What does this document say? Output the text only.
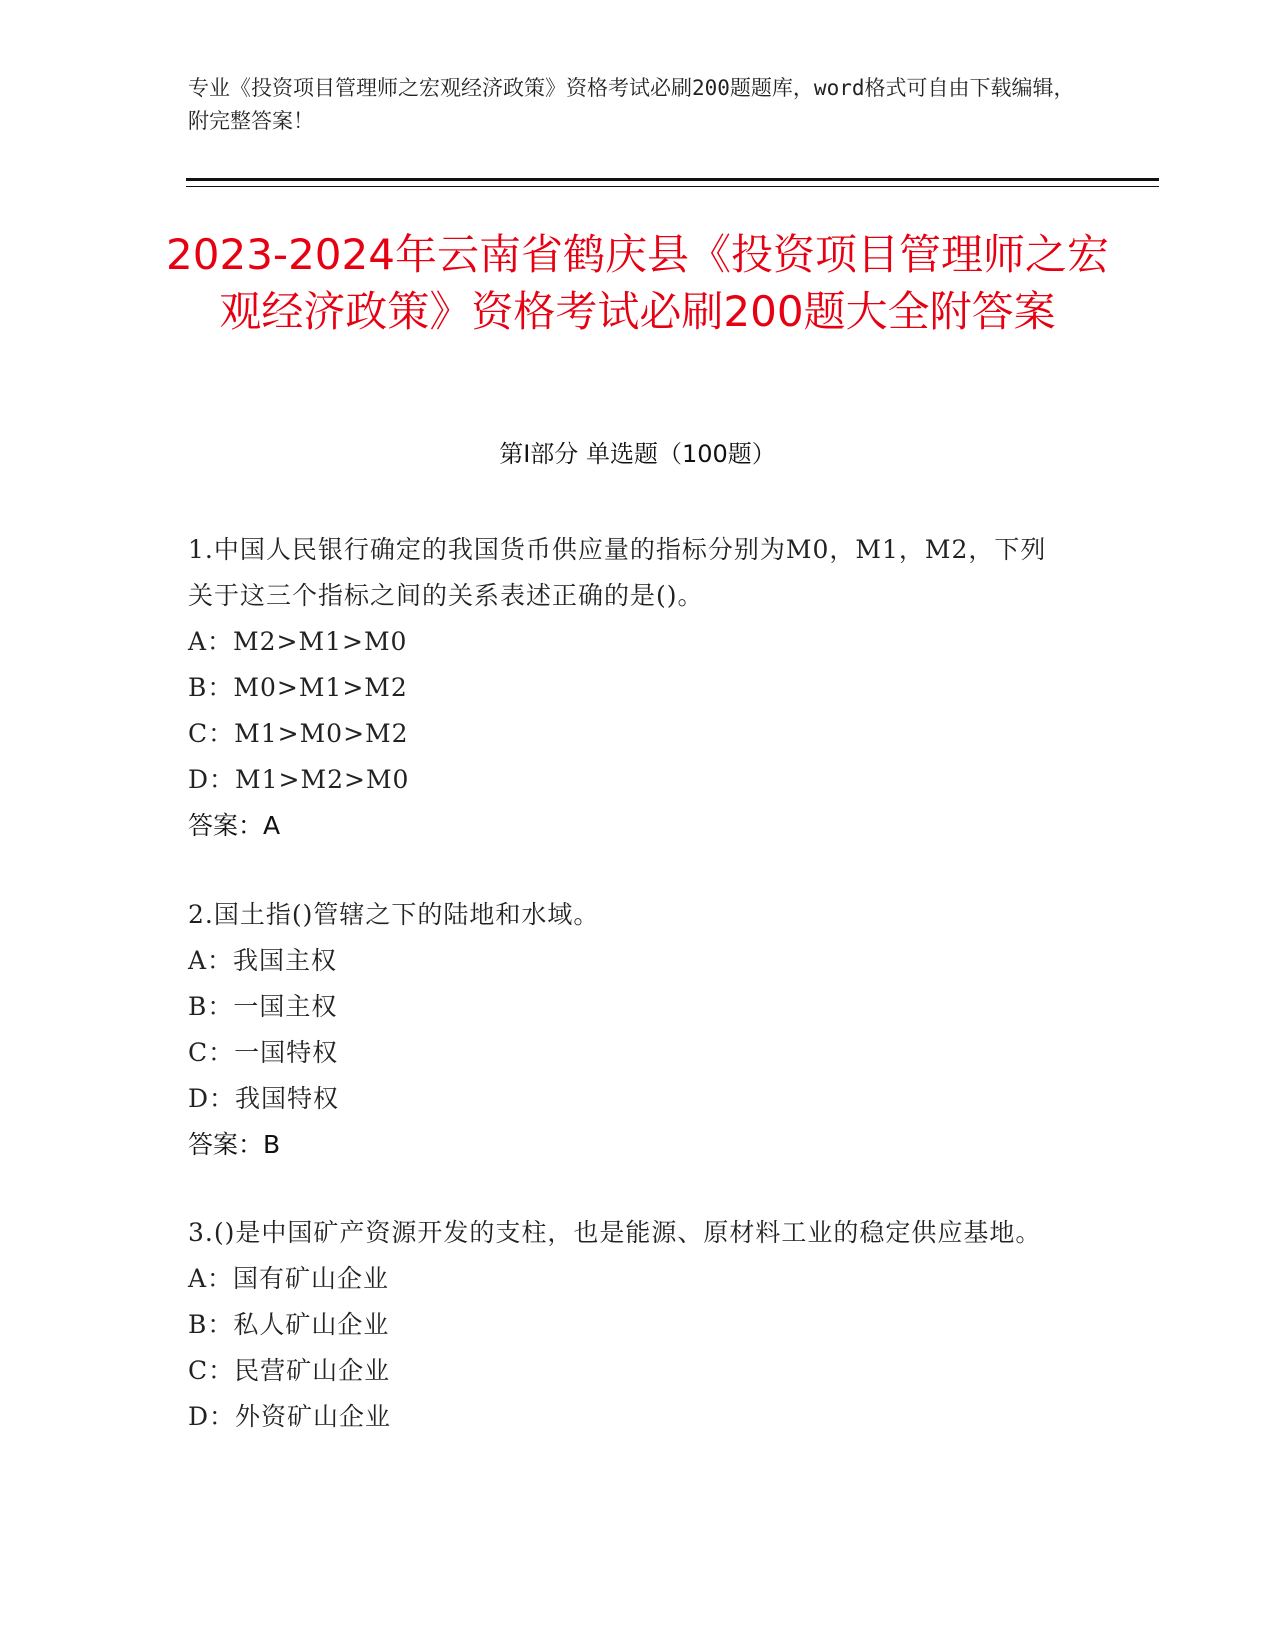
专业《投资项目管理师之宏观经济政策》资格考试必刷200题题库，word格式可自由下载编辑，附完整答案！
2023-2024年云南省鹤庆县《投资项目管理师之宏观经济政策》资格考试必刷200题大全附答案
第I部分 单选题（100题）
1.中国人民银行确定的我国货币供应量的指标分别为M0，M1，M2，下列关于这三个指标之间的关系表述正确的是()。
A：M2>M1>M0
B：M0>M1>M2
C：M1>M0>M2
D：M1>M2>M0
答案：A
2.国土指()管辖之下的陆地和水域。
A：我国主权
B：一国主权
C：一国特权
D：我国特权
答案：B
3.()是中国矿产资源开发的支柱，也是能源、原材料工业的稳定供应基地。
A：国有矿山企业
B：私人矿山企业
C：民营矿山企业
D：外资矿山企业
